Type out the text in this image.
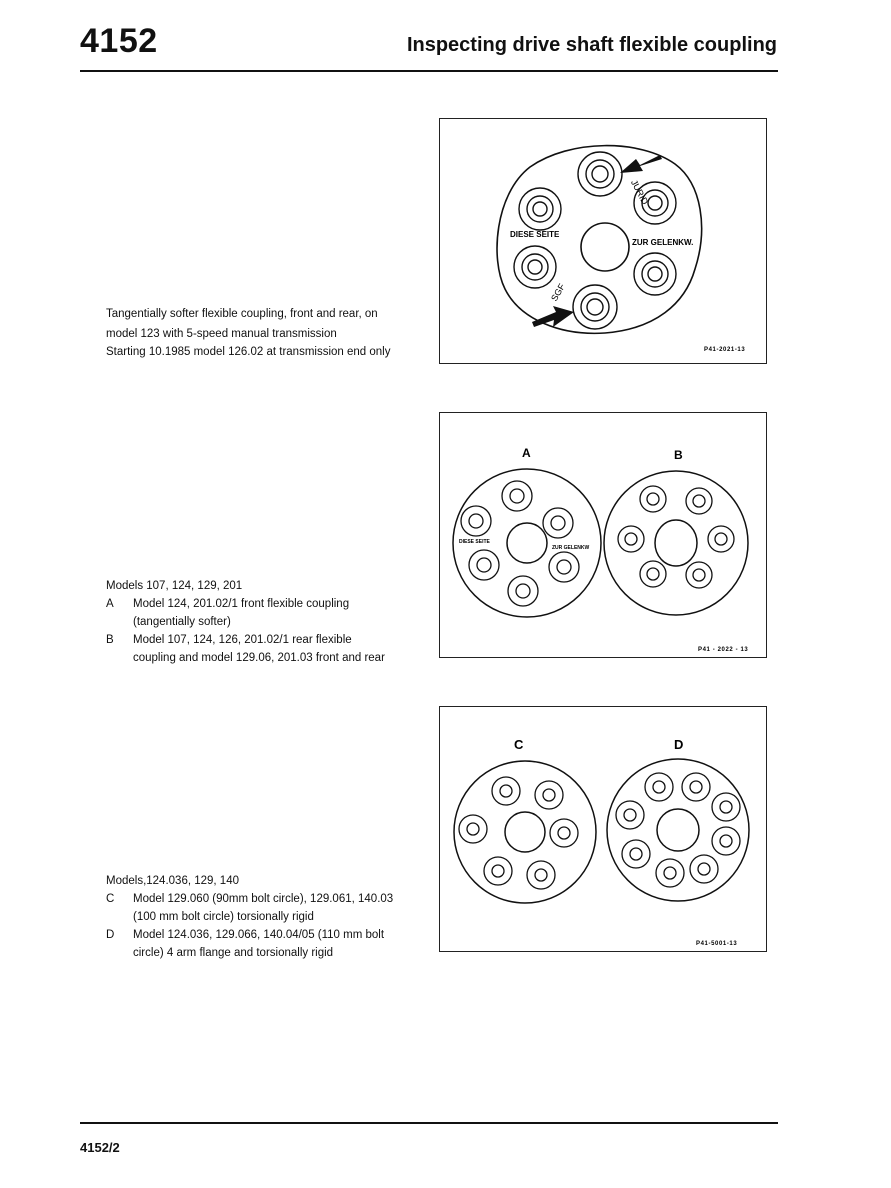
4152	Inspecting drive shaft flexible coupling
Tangentially softer flexible coupling, front and rear, on
model 123 with 5-speed manual transmission
Starting 10.1985 model 126.02 at transmission end only
DIESE SEITE
ZUR GELENKW.
JURID
SGF
P41-2021-13
Models 107, 124, 129, 201
A	Model 124, 201.02/1 front flexible coupling
(tangentially softer)
B	Model 107, 124, 126, 201.02/1 rear flexible
coupling and model 129.06, 201.03 front and rear
A	B
DIESE SEITE
ZUR GELENKW
P41 - 2022 - 13
Models,124.036, 129, 140
C	Model 129.060 (90mm bolt circle), 129.061, 140.03
(100 mm bolt circle) torsionally rigid
D	Model 124.036, 129.066, 140.04/05 (110 mm bolt
circle) 4 arm flange and torsionally rigid
C	D
P41-5001-13
4152/2
